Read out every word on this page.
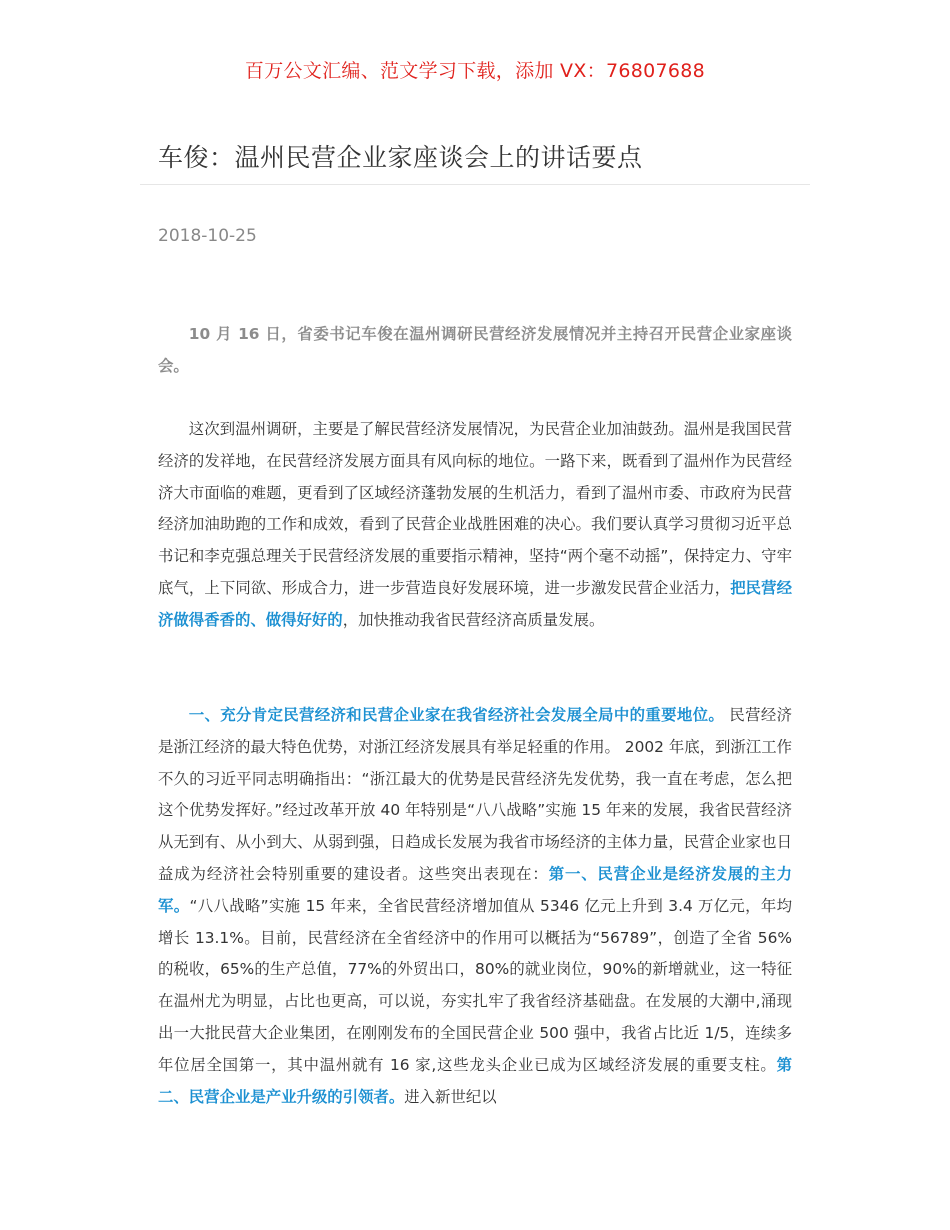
百万公文汇编、范文学习下载，添加 VX：76807688
车俊：温州民营企业家座谈会上的讲话要点
2018-10-25

10 月 16 日，省委书记车俊在温州调研民营经济发展情况并主持召开民营企业家座谈会。

这次到温州调研，主要是了解民营经济发展情况，为民营企业加油鼓劲。温州是我国民营经济的发祥地，在民营经济发展方面具有风向标的地位。一路下来，既看到了温州作为民营经济大市面临的难题，更看到了区域经济蓬勃发展的生机活力，看到了温州市委、市政府为民营经济加油助跑的工作和成效，看到了民营企业战胜困难的决心。我们要认真学习贯彻习近平总书记和李克强总理关于民营经济发展的重要指示精神，坚持“两个毫不动摇”，保持定力、守牢底气，上下同欲、形成合力，进一步营造良好发展环境，进一步激发民营企业活力，把民营经济做得香香的、做得好好的，加快推动我省民营经济高质量发展。

一、充分肯定民营经济和民营企业家在我省经济社会发展全局中的重要地位。 民营经济是浙江经济的最大特色优势，对浙江经济发展具有举足轻重的作用。 2002 年底，到浙江工作不久的习近平同志明确指出：“浙江最大的优势是民营经济先发优势，我一直在考虑，怎么把这个优势发挥好。”经过改革开放 40 年特别是“八八战略”实施 15 年来的发展，我省民营经济从无到有、从小到大、从弱到强，日趋成长发展为我省市场经济的主体力量，民营企业家也日益成为经济社会特别重要的建设者。这些突出表现在：第一、民营企业是经济发展的主力军。“八八战略”实施 15 年来，全省民营经济增加值从 5346 亿元上升到 3.4 万亿元，年均增长 13.1%。目前，民营经济在全省经济中的作用可以概括为“56789”，创造了全省 56%的税收，65%的生产总值，77%的外贸出口，80%的就业岗位，90%的新增就业，这一特征在温州尤为明显，占比也更高，可以说，夯实扎牢了我省经济基础盘。在发展的大潮中,涌现出一大批民营大企业集团，在刚刚发布的全国民营企业 500 强中，我省占比近 1/5，连续多年位居全国第一，其中温州就有 16 家,这些龙头企业已成为区域经济发展的重要支柱。第二、民营企业是产业升级的引领者。进入新世纪以
